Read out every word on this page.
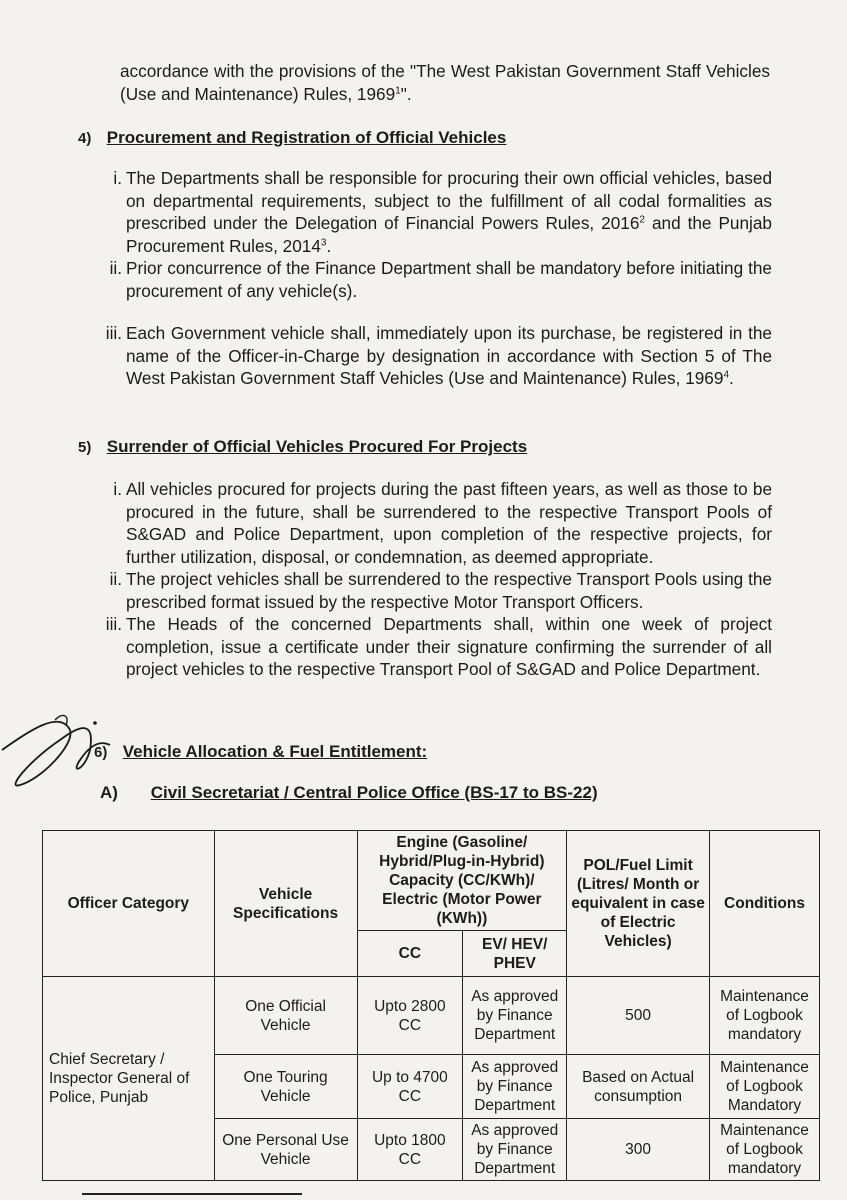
accordance with the provisions of the "The West Pakistan Government Staff Vehicles (Use and Maintenance) Rules, 1969$^1$".
4) Procurement and Registration of Official Vehicles
i. The Departments shall be responsible for procuring their own official vehicles, based on departmental requirements, subject to the fulfillment of all codal formalities as prescribed under the Delegation of Financial Powers Rules, 2016$^2$ and the Punjab Procurement Rules, 2014$^3$.
ii. Prior concurrence of the Finance Department shall be mandatory before initiating the procurement of any vehicle(s).
iii. Each Government vehicle shall, immediately upon its purchase, be registered in the name of the Officer-in-Charge by designation in accordance with Section 5 of The West Pakistan Government Staff Vehicles (Use and Maintenance) Rules, 1969$^4$.
5) Surrender of Official Vehicles Procured For Projects
i. All vehicles procured for projects during the past fifteen years, as well as those to be procured in the future, shall be surrendered to the respective Transport Pools of S&GAD and Police Department, upon completion of the respective projects, for further utilization, disposal, or condemnation, as deemed appropriate.
ii. The project vehicles shall be surrendered to the respective Transport Pools using the prescribed format issued by the respective Motor Transport Officers.
iii. The Heads of the concerned Departments shall, within one week of project completion, issue a certificate under their signature confirming the surrender of all project vehicles to the respective Transport Pool of S&GAD and Police Department.
6) Vehicle Allocation & Fuel Entitlement:
A) Civil Secretariat / Central Police Office (BS-17 to BS-22)
Officer Category	Vehicle Specifications	Engine (Gasoline/ Hybrid/Plug-in-Hybrid) Capacity (CC/KWh)/ Electric (Motor Power (KWh))		POL/Fuel Limit (Litres/ Month or equivalent in case of Electric Vehicles)	Conditions
		CC	EV/ HEV/ PHEV		
Chief Secretary / Inspector General of Police, Punjab	One Official Vehicle	Upto 2800 CC	As approved by Finance Department	500	Maintenance of Logbook mandatory
	One Touring Vehicle	Up to 4700 CC	As approved by Finance Department	Based on Actual consumption	Maintenance of Logbook Mandatory
	One Personal Use Vehicle	Upto 1800 CC	As approved by Finance Department	300	Maintenance of Logbook mandatory
